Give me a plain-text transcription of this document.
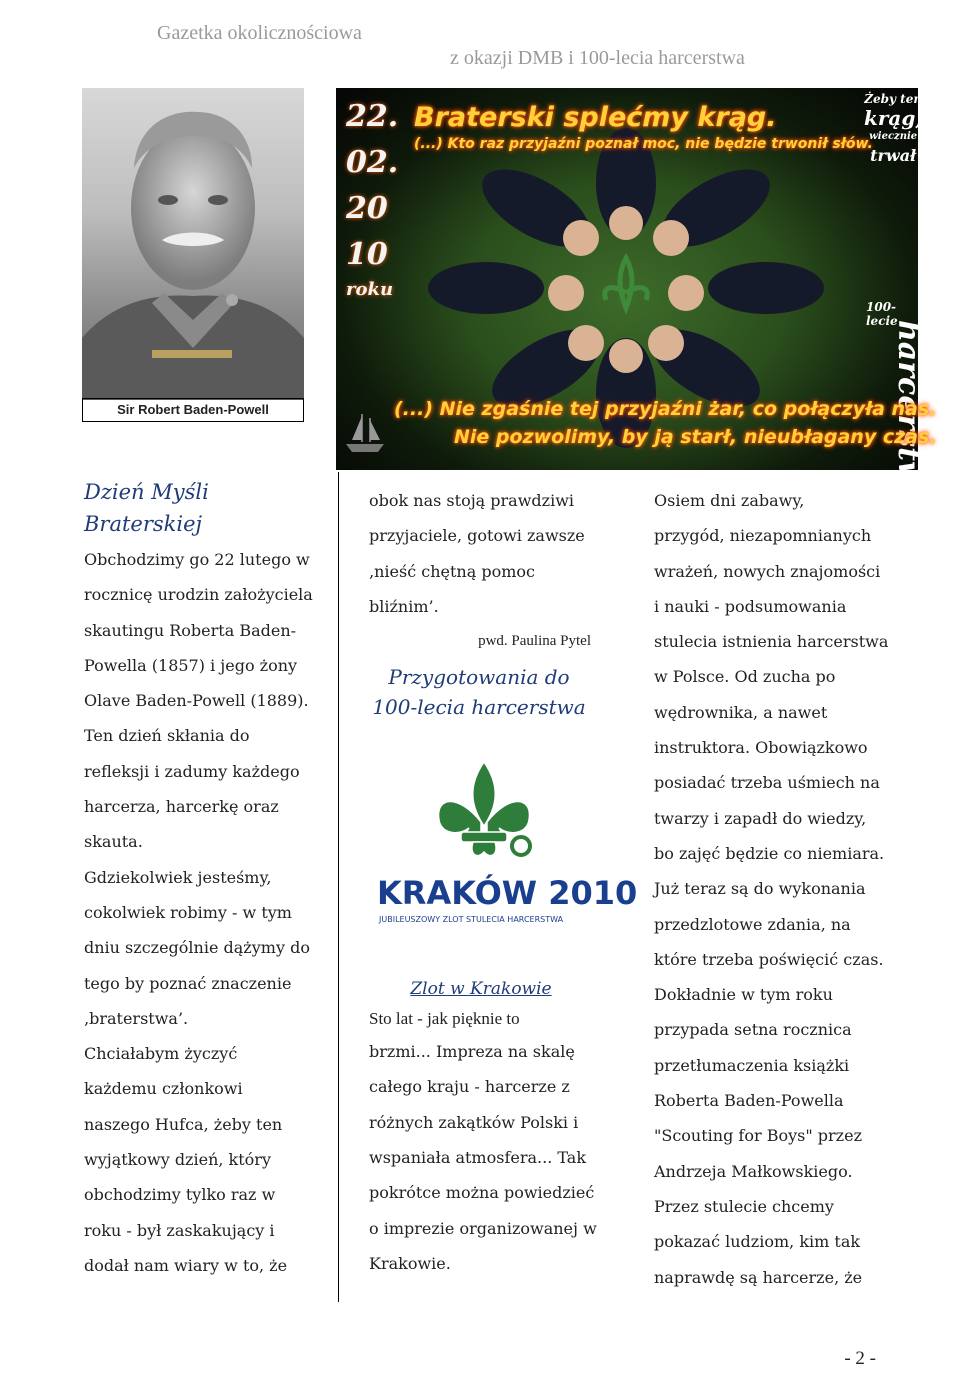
Gazetka okolicznościowa
z okazji DMB i 100-lecia harcerstwa
Sir Robert Baden-Powell
Braterski splećmy krąg.
(...) Kto raz przyjaźni poznał moc, nie będzie trwonił słów.
22.
02.
20
10
roku
Żeby ten
krąg,
wiecznie
trwał
100-lecie
harcerstwa
(...) Nie zgaśnie tej przyjaźni żar, co połączyła nas.
Nie pozwolimy, by ją starł, nieubłagany czas.
Dzień Myśli
Braterskiej

Obchodzimy go 22 lutego w

rocznicę urodzin założyciela

skautingu Roberta Baden-

Powella (1857) i jego żony

Olave Baden-Powell (1889).

Ten dzień skłania do

refleksji i zadumy każdego

harcerza, harcerkę oraz

skauta.

Gdziekolwiek jesteśmy,

cokolwiek robimy - w tym

dniu szczególnie dążymy do

tego by poznać znaczenie

‚braterstwa’.

Chciałabym życzyć

każdemu członkowi

naszego Hufca, żeby ten

wyjątkowy dzień, który

obchodzimy tylko raz w

roku - był zaskakujący i

dodał nam wiary w to, że

obok nas stoją prawdziwi

przyjaciele, gotowi zawsze

‚nieść chętną pomoc

bliźnim’.

pwd. Paulina Pytel
Przygotowania do
100-lecia harcerstwa
KRAKÓW 2010
JUBILEUSZOWY ZLOT STULECIA HARCERSTWA
Zlot w Krakowie
Sto lat - jak pięknie to

brzmi... Impreza na skalę

całego kraju - harcerze z

różnych zakątków Polski i

wspaniała atmosfera... Tak

pokrótce można powiedzieć

o imprezie organizowanej w

Krakowie.

Osiem dni zabawy,

przygód, niezapomnianych

wrażeń, nowych znajomości

i nauki - podsumowania

stulecia istnienia harcerstwa

w Polsce. Od zucha po

wędrownika, a nawet

instruktora. Obowiązkowo

posiadać trzeba uśmiech na

twarzy i zapadł do wiedzy,

bo zajęć będzie co niemiara.

Już teraz są do wykonania

przedzlotowe zdania, na

które trzeba poświęcić czas.

Dokładnie w tym roku

przypada setna rocznica

przetłumaczenia książki

Roberta Baden-Powella

"Scouting for Boys" przez

Andrzeja Małkowskiego.

Przez stulecie chcemy

pokazać ludziom, kim tak

naprawdę są harcerze, że

- 2 -
